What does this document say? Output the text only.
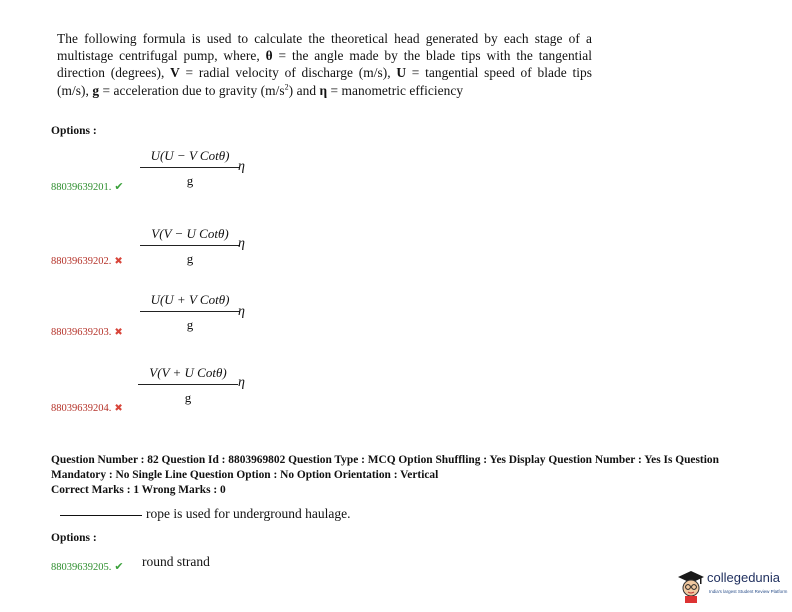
The following formula is used to calculate the theoretical head generated by each stage of a multistage centrifugal pump, where, θ = the angle made by the blade tips with the tangential direction (degrees), V = radial velocity of discharge (m/s), U = tangential speed of blade tips (m/s), g = acceleration due to gravity $(m/s^2)$ and η = manometric efficiency
Options :
U(U − V Cotθ)
g
η
88039639201. ✔
V(V − U Cotθ)
g
η
88039639202. ✖
U(U + V Cotθ)
g
η
88039639203. ✖
V(V + U Cotθ)
g
η
88039639204. ✖
Question Number : 82 Question Id : 8803969802 Question Type : MCQ Option Shuffling : Yes Display Question Number : Yes Is Question Mandatory : No Single Line Question Option : No Option Orientation : Vertical
Correct Marks : 1 Wrong Marks : 0
rope is used for underground haulage.
Options :
88039639205. ✔ round strand
collegedunia
India's largest Student Review Platform
